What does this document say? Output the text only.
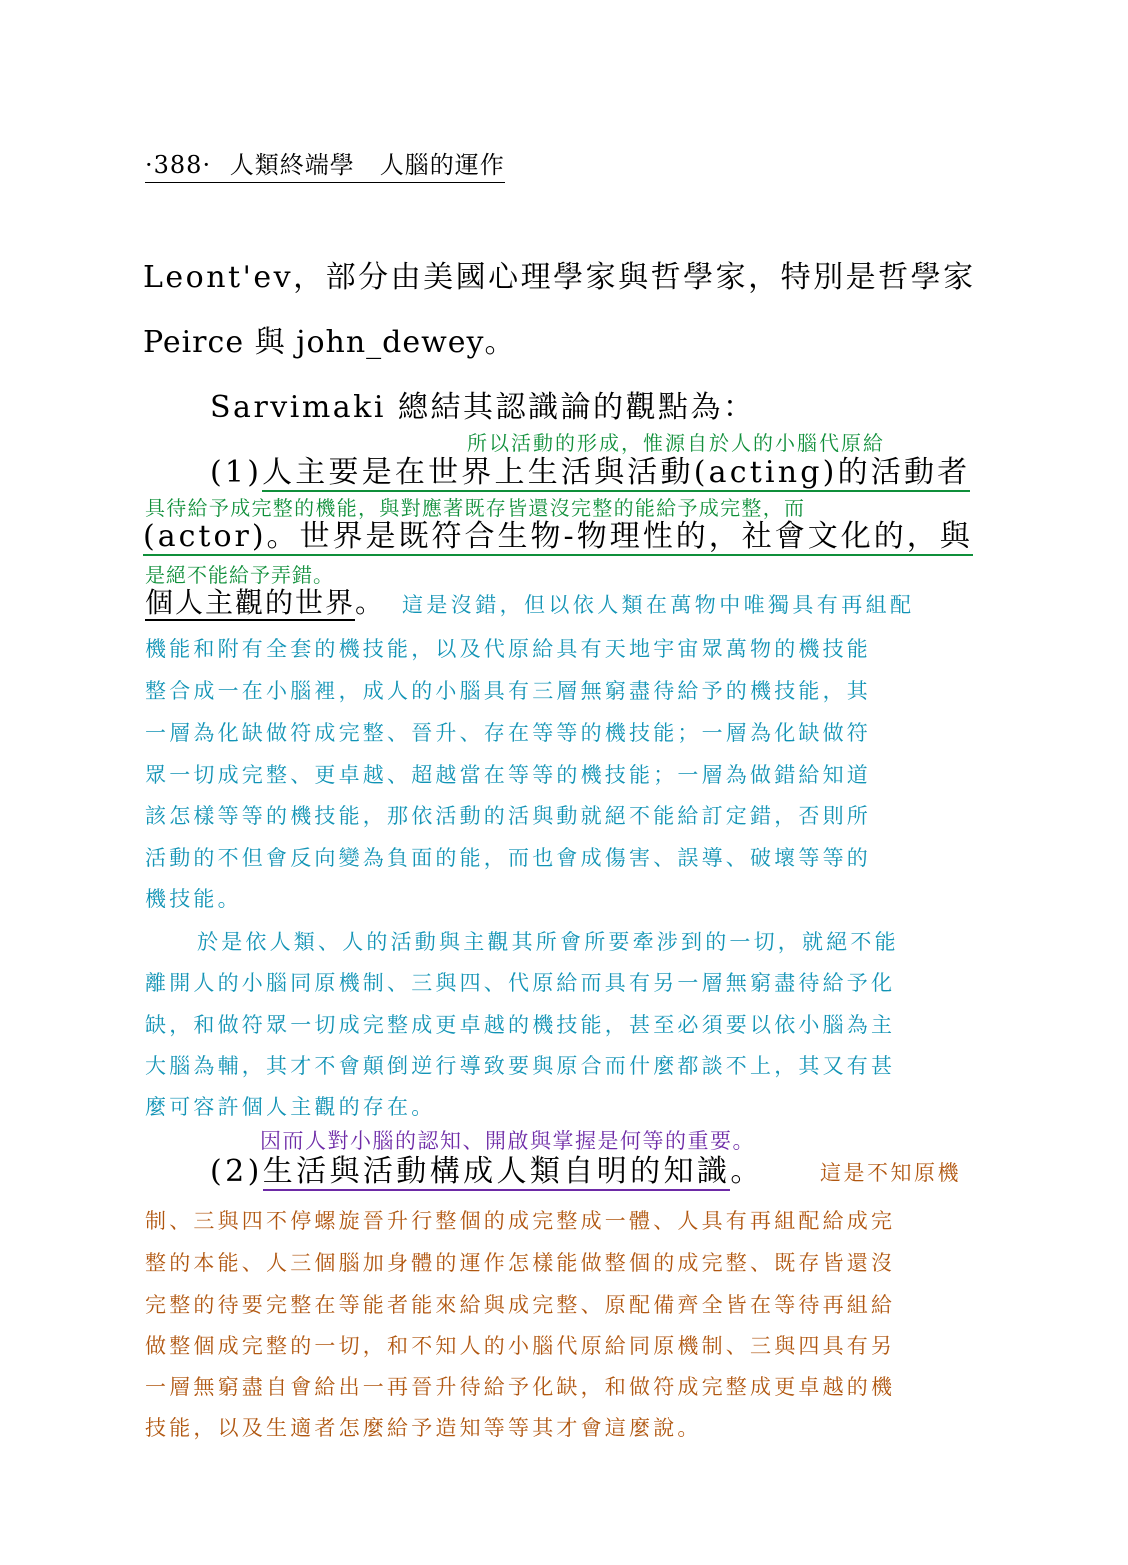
·388· 人類終端學　人腦的運作
Leont'ev，部分由美國心理學家與哲學家，特別是哲學家
Peirce 與 john_dewey。
Sarvimaki 總結其認識論的觀點為：
所以活動的形成，惟源自於人的小腦代原給
(1)人主要是在世界上生活與活動(acting)的活動者
具待給予成完整的機能，與對應著既存皆還沒完整的能給予成完整，而
(actor)。世界是既符合生物-物理性的，社會文化的，與
是絕不能給予弄錯。
個人主觀的世界。 這是沒錯，但以依人類在萬物中唯獨具有再組配
機能和附有全套的機技能，以及代原給具有天地宇宙眾萬物的機技能
整合成一在小腦裡，成人的小腦具有三層無窮盡待給予的機技能，其
一層為化缺做符成完整、晉升、存在等等的機技能；一層為化缺做符
眾一切成完整、更卓越、超越當在等等的機技能；一層為做錯給知道
該怎樣等等的機技能，那依活動的活與動就絕不能給訂定錯，否則所
活動的不但會反向變為負面的能，而也會成傷害、誤導、破壞等等的
機技能。
於是依人類、人的活動與主觀其所會所要牽涉到的一切，就絕不能
離開人的小腦同原機制、三與四、代原給而具有另一層無窮盡待給予化
缺，和做符眾一切成完整成更卓越的機技能，甚至必須要以依小腦為主
大腦為輔，其才不會顛倒逆行導致要與原合而什麼都談不上，其又有甚
麼可容許個人主觀的存在。
因而人對小腦的認知、開啟與掌握是何等的重要。
(2)生活與活動構成人類自明的知識。	這是不知原機
制、三與四不停螺旋晉升行整個的成完整成一體、人具有再組配給成完
整的本能、人三個腦加身體的運作怎樣能做整個的成完整、既存皆還沒
完整的待要完整在等能者能來給與成完整、原配備齊全皆在等待再組給
做整個成完整的一切，和不知人的小腦代原給同原機制、三與四具有另
一層無窮盡自會給出一再晉升待給予化缺，和做符成完整成更卓越的機
技能，以及生適者怎麼給予造知等等其才會這麼說。
